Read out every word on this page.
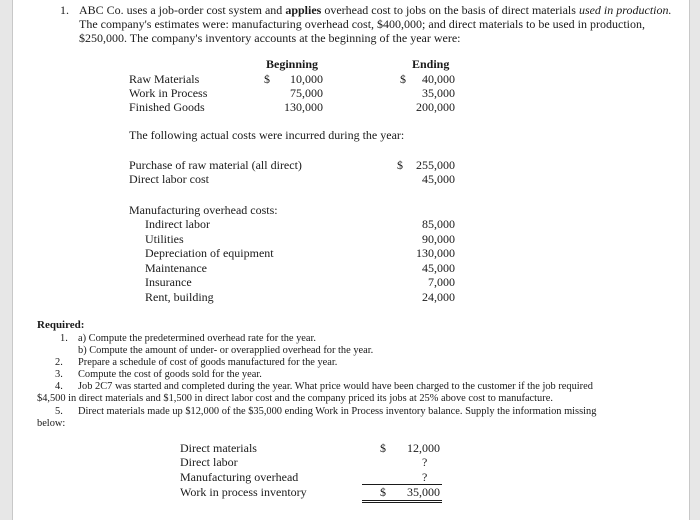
1. ABC Co. uses a job-order cost system and applies overhead cost to jobs on the basis of direct materials used in production.
The company's estimates were: manufacturing overhead cost, $400,000; and direct materials to be used in production,
$250,000. The company's inventory accounts at the beginning of the year were:
Beginning	Ending
Raw Materials	$	10,000	$	40,000
Work in Process	75,000	35,000
Finished Goods	130,000	200,000
The following actual costs were incurred during the year:
Purchase of raw material (all direct)	$	255,000
Direct labor cost	45,000
Manufacturing overhead costs:
Indirect labor	85,000
Utilities	90,000
Depreciation of equipment	130,000
Maintenance	45,000
Insurance	7,000
Rent, building	24,000
Required:
1. a) Compute the predetermined overhead rate for the year.
b) Compute the amount of under- or overapplied overhead for the year.
2. Prepare a schedule of cost of goods manufactured for the year.
3. Compute the cost of goods sold for the year.
4. Job 2C7 was started and completed during the year. What price would have been charged to the customer if the job required
$4,500 in direct materials and $1,500 in direct labor cost and the company priced its jobs at 25% above cost to manufacture.
5. Direct materials made up $12,000 of the $35,000 ending Work in Process inventory balance. Supply the information missing
below:
Direct materials	$	12,000
Direct labor	?
Manufacturing overhead	?
Work in process inventory	$	35,000
